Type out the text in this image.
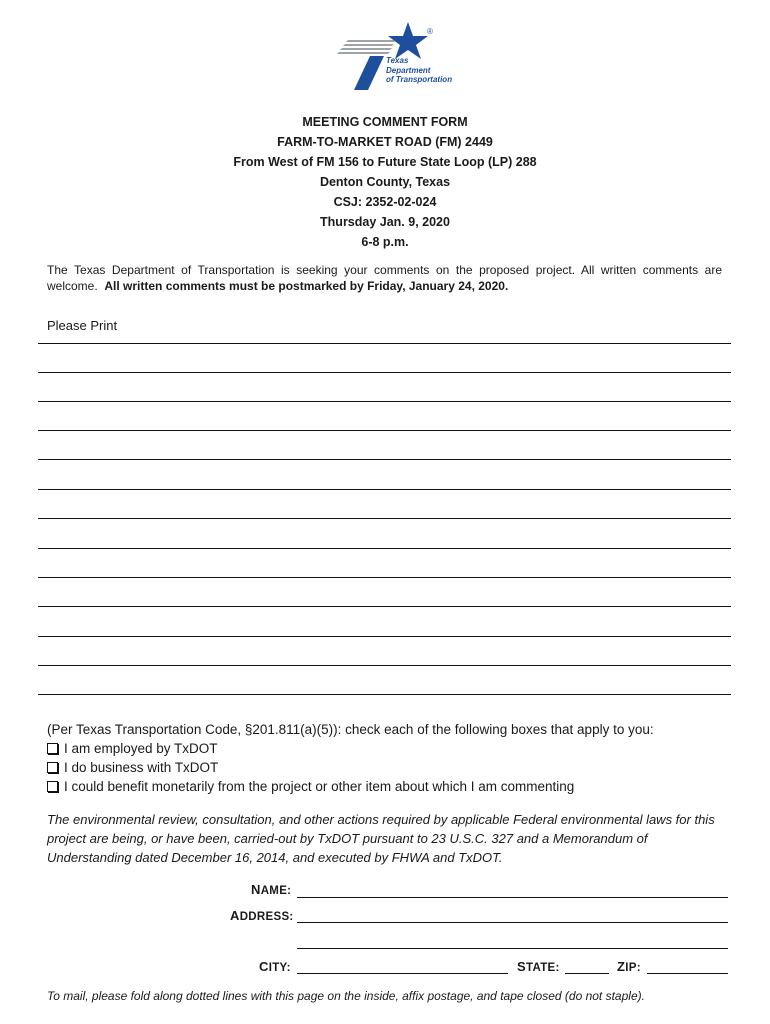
®
Texas
Department
of Transportation
MEETING COMMENT FORM
FARM-TO-MARKET ROAD (FM) 2449
From West of FM 156 to Future State Loop (LP) 288
Denton County, Texas
CSJ: 2352-02-024
Thursday Jan. 9, 2020
6-8 p.m.
The Texas Department of Transportation is seeking your comments on the proposed project. All written comments are welcome. All written comments must be postmarked by Friday, January 24, 2020.
Please Print
(Per Texas Transportation Code, §201.811(a)(5)): check each of the following boxes that apply to you:
I am employed by TxDOT
I do business with TxDOT
I could benefit monetarily from the project or other item about which I am commenting
The environmental review, consultation, and other actions required by applicable Federal environmental laws for this project are being, or have been, carried-out by TxDOT pursuant to 23 U.S.C. 327 and a Memorandum of Understanding dated December 16, 2014, and executed by FHWA and TxDOT.
NAME:
ADDRESS:
CITY:	STATE:	ZIP:
To mail, please fold along dotted lines with this page on the inside, affix postage, and tape closed (do not staple).
